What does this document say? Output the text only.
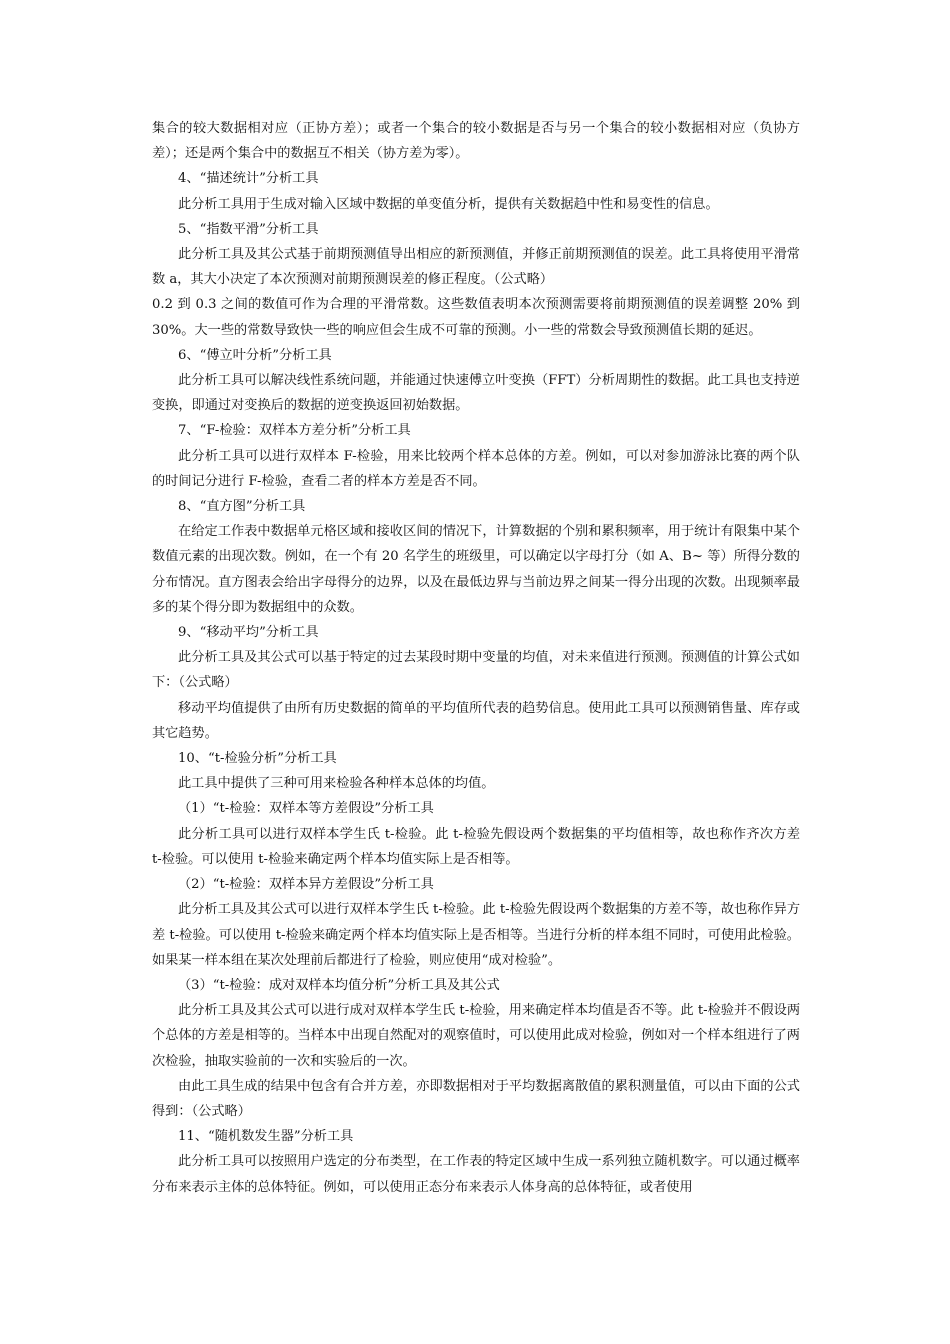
集合的较大数据相对应（正协方差）；或者一个集合的较小数据是否与另一个集合的较小数据相对应（负协方差）；还是两个集合中的数据互不相关（协方差为零）。

4、“描述统计”分析工具

此分析工具用于生成对输入区域中数据的单变值分析，提供有关数据趋中性和易变性的信息。

5、“指数平滑”分析工具

此分析工具及其公式基于前期预测值导出相应的新预测值，并修正前期预测值的误差。此工具将使用平滑常数 a，其大小决定了本次预测对前期预测误差的修正程度。（公式略）

0.2 到 0.3 之间的数值可作为合理的平滑常数。这些数值表明本次预测需要将前期预测值的误差调整 20% 到 30%。大一些的常数导致快一些的响应但会生成不可靠的预测。小一些的常数会导致预测值长期的延迟。

6、“傅立叶分析”分析工具

此分析工具可以解决线性系统问题，并能通过快速傅立叶变换（FFT）分析周期性的数据。此工具也支持逆变换，即通过对变换后的数据的逆变换返回初始数据。

7、“F-检验：双样本方差分析”分析工具

此分析工具可以进行双样本 F-检验，用来比较两个样本总体的方差。例如，可以对参加游泳比赛的两个队的时间记分进行 F-检验，查看二者的样本方差是否不同。

8、“直方图”分析工具

在给定工作表中数据单元格区域和接收区间的情况下，计算数据的个别和累积频率，用于统计有限集中某个数值元素的出现次数。例如，在一个有 20 名学生的班级里，可以确定以字母打分（如 A、B~ 等）所得分数的分布情况。直方图表会给出字母得分的边界，以及在最低边界与当前边界之间某一得分出现的次数。出现频率最多的某个得分即为数据组中的众数。

9、“移动平均”分析工具

此分析工具及其公式可以基于特定的过去某段时期中变量的均值，对未来值进行预测。预测值的计算公式如下：（公式略）

移动平均值提供了由所有历史数据的简单的平均值所代表的趋势信息。使用此工具可以预测销售量、库存或其它趋势。

10、“t-检验分析”分析工具

此工具中提供了三种可用来检验各种样本总体的均值。

（1）“t-检验：双样本等方差假设”分析工具

此分析工具可以进行双样本学生氏 t-检验。此 t-检验先假设两个数据集的平均值相等，故也称作齐次方差 t-检验。可以使用 t-检验来确定两个样本均值实际上是否相等。

（2）“t-检验：双样本异方差假设”分析工具

此分析工具及其公式可以进行双样本学生氏 t-检验。此 t-检验先假设两个数据集的方差不等，故也称作异方差 t-检验。可以使用 t-检验来确定两个样本均值实际上是否相等。当进行分析的样本组不同时，可使用此检验。如果某一样本组在某次处理前后都进行了检验，则应使用“成对检验”。

（3）“t-检验：成对双样本均值分析”分析工具及其公式

此分析工具及其公式可以进行成对双样本学生氏 t-检验，用来确定样本均值是否不等。此 t-检验并不假设两个总体的方差是相等的。当样本中出现自然配对的观察值时，可以使用此成对检验，例如对一个样本组进行了两次检验，抽取实验前的一次和实验后的一次。

由此工具生成的结果中包含有合并方差，亦即数据相对于平均数据离散值的累积测量值，可以由下面的公式得到：（公式略）

11、“随机数发生器”分析工具

此分析工具可以按照用户选定的分布类型，在工作表的特定区域中生成一系列独立随机数字。可以通过概率分布来表示主体的总体特征。例如，可以使用正态分布来表示人体身高的总体特征，或者使用
